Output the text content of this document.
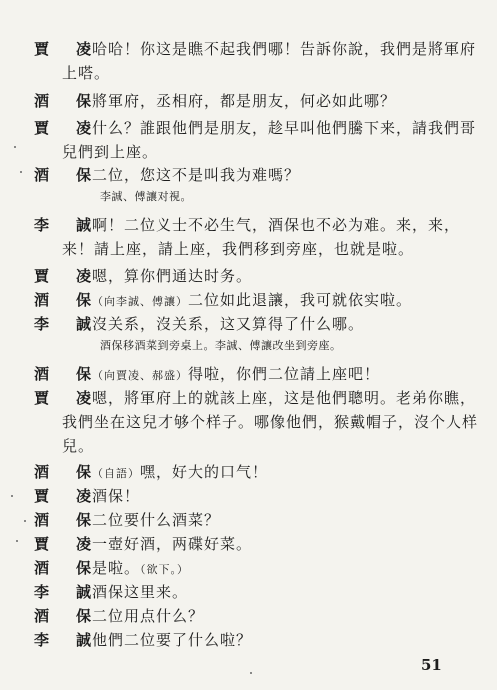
賈　凌
哈哈！你这是瞧不起我們哪！告訴你說，我們是將軍府
上嗒。
酒　保
將軍府，丞相府，都是朋友，何必如此哪？
賈　凌
什么？誰跟他們是朋友，趁早叫他們騰下来，請我們哥
兒們到上座。
酒　保
二位，您这不是叫我为难嗎？
李誠、傅讓对視。
李　誠
啊！二位义士不必生气，酒保也不必为难。来，来，
来！請上座，請上座，我們移到旁座，也就是啦。
賈　凌
嗯，算你們通达时务。
酒　保
（向李誠、傅讓）二位如此退讓，我可就依实啦。
李　誠
沒关系，沒关系，这又算得了什么哪。
酒保移酒菜到旁桌上。李誠、傅讓改坐到旁座。
酒　保
（向賈凌、郝盛）得啦，你們二位請上座吧！
賈　凌
嗯，將軍府上的就該上座，这是他們聰明。老弟你瞧，
我們坐在这兒才够个样子。哪像他們，猴戴帽子，沒个人样
兒。
酒　保
（自語）嘿，好大的口气！
賈　凌
酒保！
酒　保
二位要什么酒菜？
賈　凌
一壺好酒，两碟好菜。
酒　保
是啦。（欲下。）
李　誠
酒保这里来。
酒　保
二位用点什么？
李　誠
他們二位要了什么啦？
51
